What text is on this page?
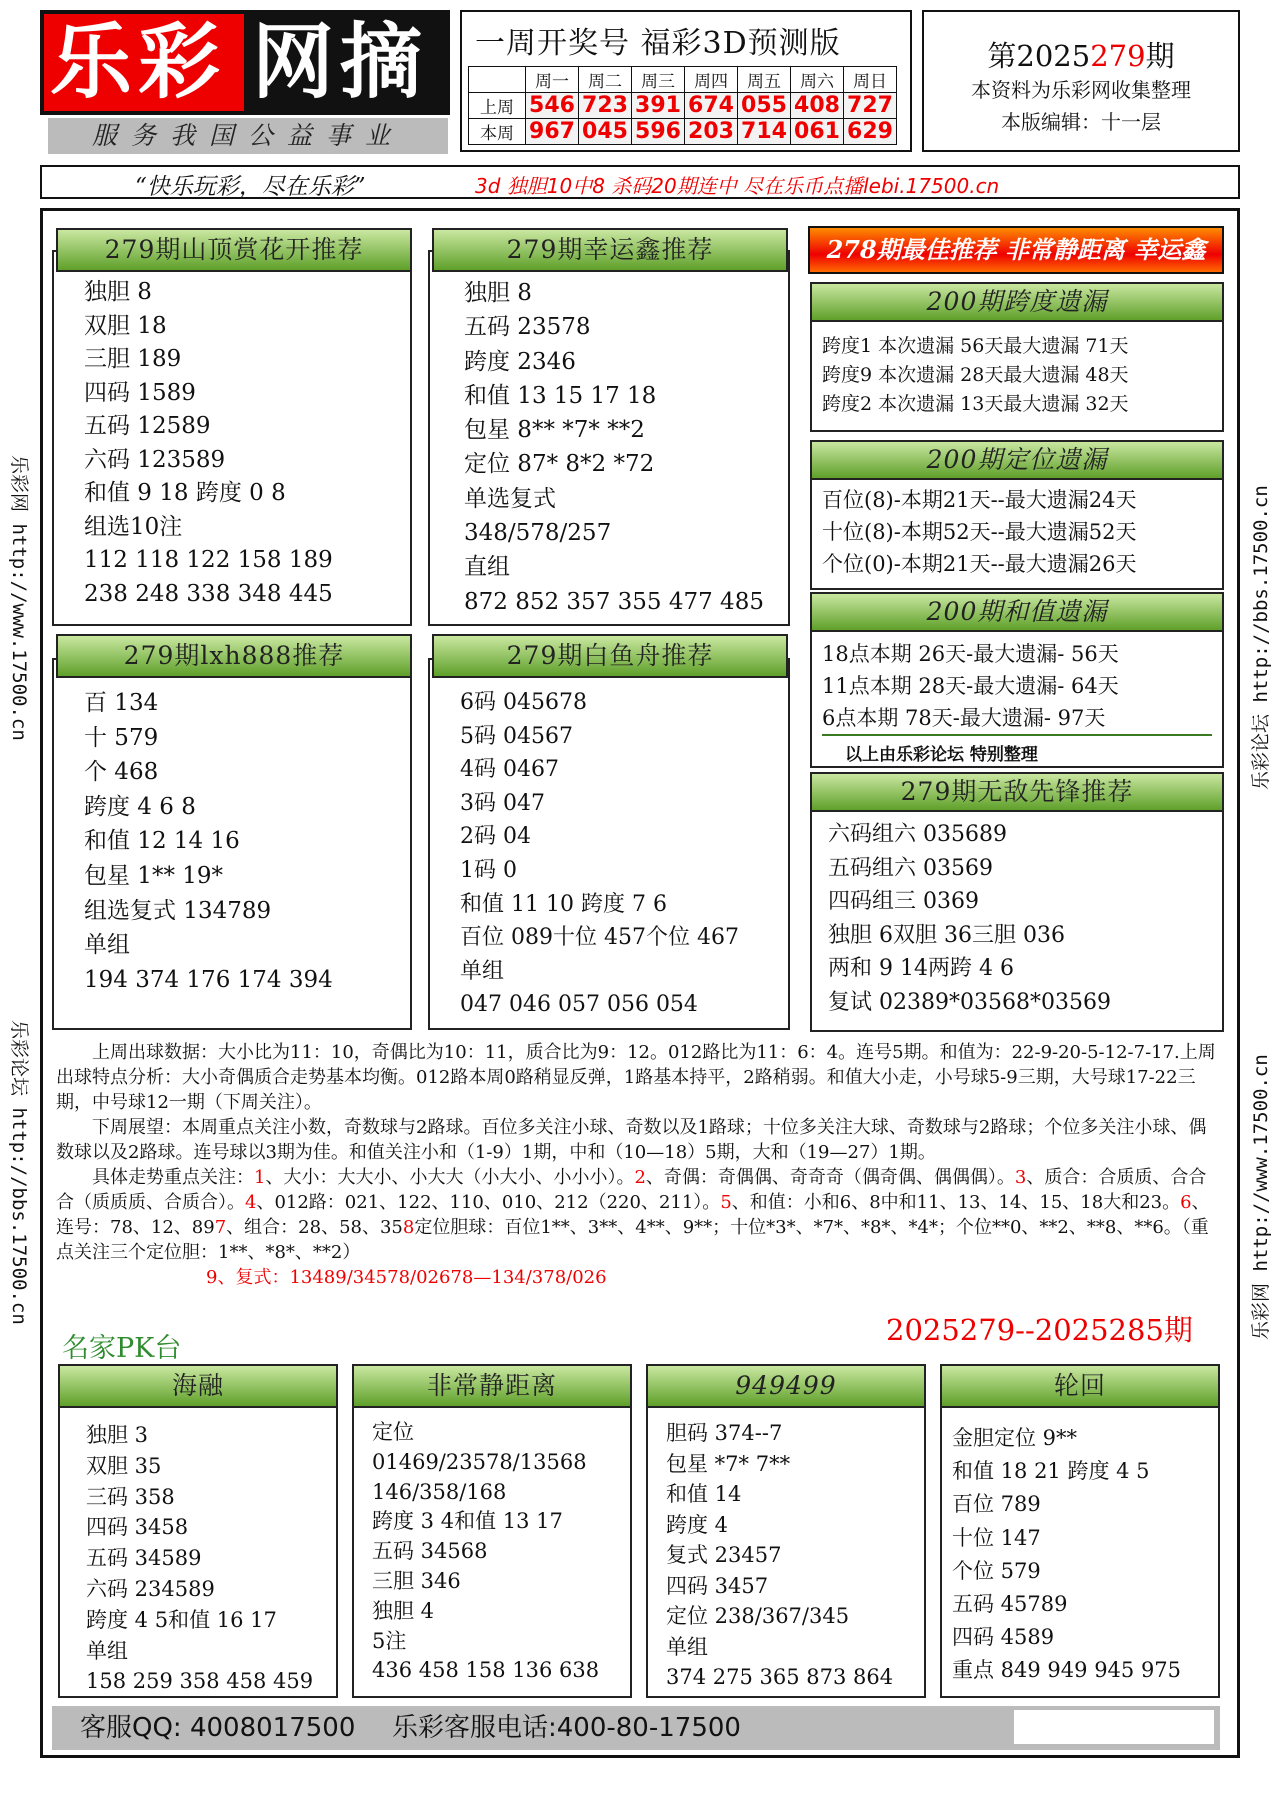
乐彩 网摘
服务我国公益事业
一周开奖号 福彩3D预测版
	周一	周二	周三	周四	周五	周六	周日
上周	546	723	391	674	055	408	727
本周	967	045	596	203	714	061	629
第2025279期
本资料为乐彩网收集整理
本版编辑：十一层
“快乐玩彩，尽在乐彩”	3d 独胆10中8 杀码20期连中 尽在乐币点播lebi.17500.cn
乐彩网 http://www.17500.cn
乐彩论坛 http://bbs.17500.cn
乐彩论坛 http://bbs.17500.cn
乐彩网 http://www.17500.cn
279期山顶赏花开推荐
独胆 8
双胆 18
三胆 189
四码 1589
五码 12589
六码 123589
和值 9 18 跨度 0 8
组选10注
112 118 122 158 189
238 248 338 348 445
279期幸运鑫推荐
独胆 8
五码 23578
跨度 2346
和值 13 15 17 18
包星 8** *7* **2
定位 87* 8*2 *72
单选复式
348/578/257
直组
872 852 357 355 477 485
279期lxh888推荐
百 134
十 579
个 468
跨度 4 6 8
和值 12 14 16
包星 1** 19*
组选复式 134789
单组
194 374 176 174 394
279期白鱼舟推荐
6码 045678
5码 04567
4码 0467
3码 047
2码 04
1码 0
和值 11 10 跨度 7 6
百位 089十位 457个位 467
单组
047 046 057 056 054
278期最佳推荐 非常静距离 幸运鑫
200期跨度遗漏
跨度1 本次遗漏 56天最大遗漏 71天
跨度9 本次遗漏 28天最大遗漏 48天
跨度2 本次遗漏 13天最大遗漏 32天
200期定位遗漏
百位(8)-本期21天--最大遗漏24天
十位(8)-本期52天--最大遗漏52天
个位(0)-本期21天--最大遗漏26天
200期和值遗漏
18点本期 26天-最大遗漏- 56天
11点本期 28天-最大遗漏- 64天
6点本期 78天-最大遗漏- 97天
以上由乐彩论坛 特别整理
279期无敌先锋推荐
六码组六 035689
五码组六 03569
四码组三 0369
独胆 6双胆 36三胆 036
两和 9 14两跨 4 6
复试 02389*03568*03569

上周出球数据：大小比为11：10，奇偶比为10：11，质合比为9：12。012路比为11：6：4。连号5期。和值为：22-9-20-5-12-7-17.上周出球特点分析：大小奇偶质合走势基本均衡。012路本周0路稍显反弹，1路基本持平，2路稍弱。和值大小走，小号球5-9三期，大号球17-22三期，中号球12一期（下周关注）。

下周展望：本周重点关注小数，奇数球与2路球。百位多关注小球、奇数以及1路球；十位多关注大球、奇数球与2路球；个位多关注小球、偶数球以及2路球。连号球以3期为佳。和值关注小和（1-9）1期，中和（10—18）5期，大和（19—27）1期。

具体走势重点关注：1、大小：大大小、小大大（小大小、小小小）。2、奇偶：奇偶偶、奇奇奇（偶奇偶、偶偶偶）。3、质合：合质质、合合合（质质质、合质合）。4、012路：021、122、110、010、212（220、211）。5、和值：小和6、8中和11、13、14、15、18大和23。6、连号：78、12、897、组合：28、58、358定位胆球：百位1**、3**、4**、9**；十位*3*、*7*、*8*、*4*；个位**0、**2、**8、**6。（重点关注三个定位胆：1**、*8*、**2）

9、复式：13489/34578/02678—134/378/026

2025279--2025285期
名家PK台
海融
独胆 3
双胆 35
三码 358
四码 3458
五码 34589
六码 234589
跨度 4 5和值 16 17
单组
158 259 358 458 459
非常静距离
定位
01469/23578/13568
146/358/168
跨度 3 4和值 13 17
五码 34568
三胆 346
独胆 4
5注
436 458 158 136 638
949499
胆码 374--7
包星 *7* 7**
和值 14
跨度 4
复式 23457
四码 3457
定位 238/367/345
单组
374 275 365 873 864
轮回
金胆定位 9**
和值 18 21 跨度 4 5
百位 789
十位 147
个位 579
五码 45789
四码 4589
重点 849 949 945 975
客服QQ: 4008017500 乐彩客服电话:400-80-17500
